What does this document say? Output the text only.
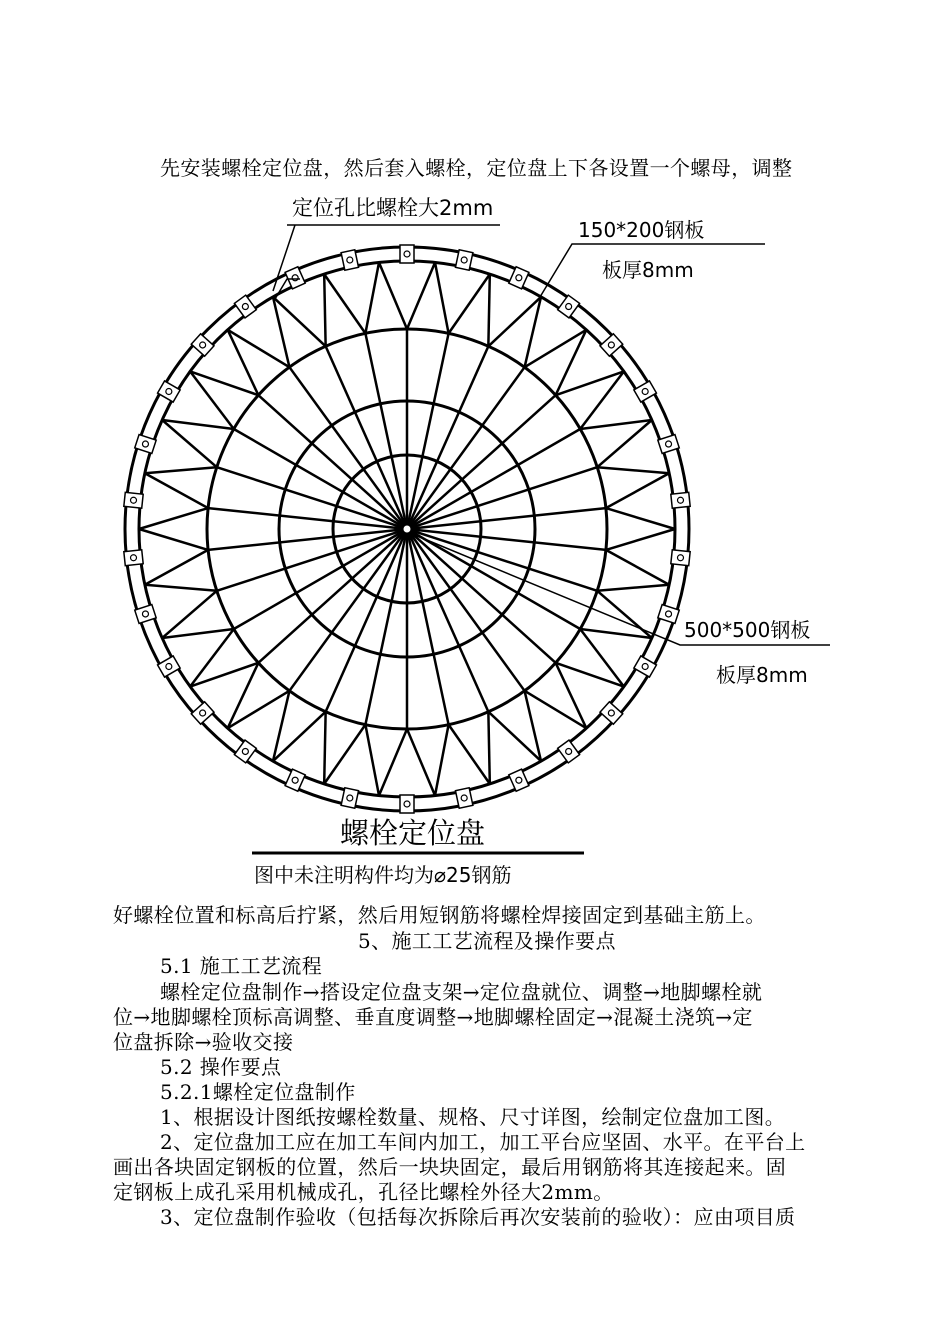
先安装螺栓定位盘，然后套入螺栓，定位盘上下各设置一个螺母，调整
定位孔比螺栓大2mm
150*200钢板
板厚8mm
500*500钢板
板厚8mm
螺栓定位盘
图中未注明构件均为⌀25钢筋
好螺栓位置和标高后拧紧，然后用短钢筋将螺栓焊接固定到基础主筋上。
5、施工工艺流程及操作要点
5.1 施工工艺流程
螺栓定位盘制作→搭设定位盘支架→定位盘就位、调整→地脚螺栓就
位→地脚螺栓顶标高调整、垂直度调整→地脚螺栓固定→混凝土浇筑→定
位盘拆除→验收交接
5.2 操作要点
5.2.1螺栓定位盘制作
1、根据设计图纸按螺栓数量、规格、尺寸详图，绘制定位盘加工图。
2、定位盘加工应在加工车间内加工，加工平台应坚固、水平。在平台上
画出各块固定钢板的位置，然后一块块固定，最后用钢筋将其连接起来。固
定钢板上成孔采用机械成孔，孔径比螺栓外径大2mm。
3、定位盘制作验收（包括每次拆除后再次安装前的验收）：应由项目质
